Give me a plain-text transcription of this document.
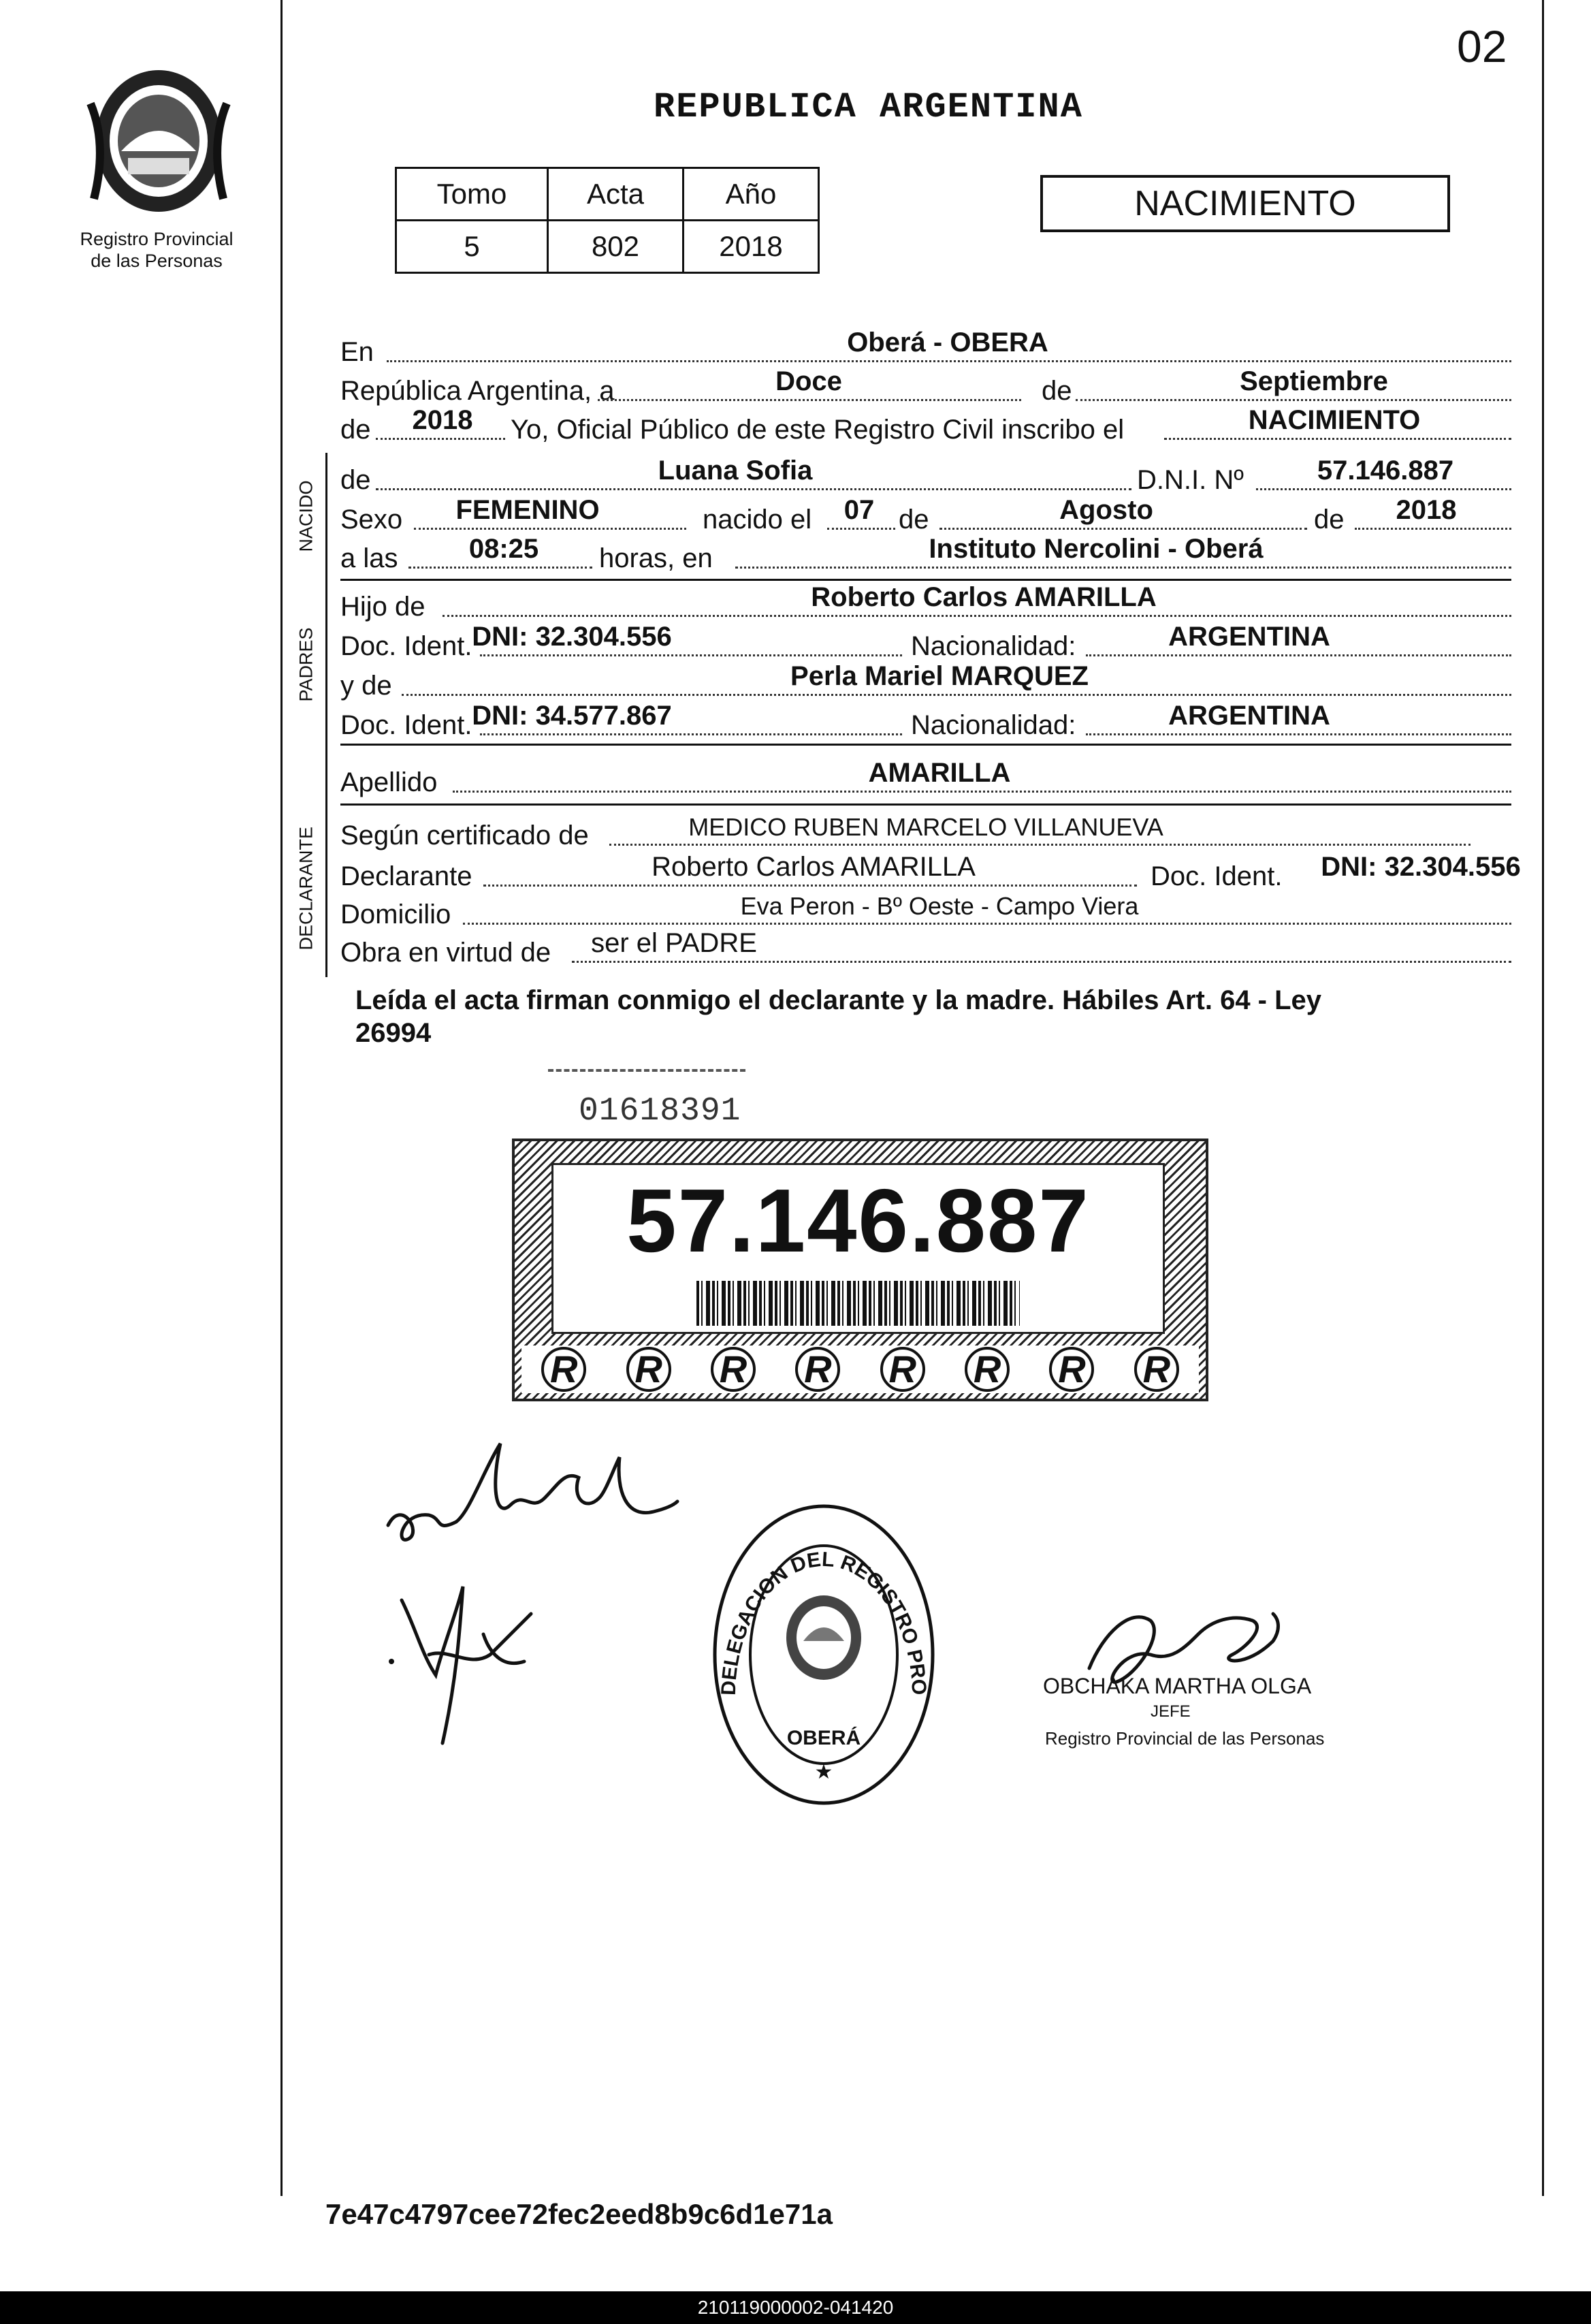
02
Registro Provincial
de las Personas
REPUBLICA ARGENTINA
Tomo	Acta	Año
5	802	2018
NACIMIENTO
En	Oberá - OBERA
República Argentina, a	Doce	de	Septiembre
de 2018 Yo, Oficial Público de este Registro Civil inscribo el	NACIMIENTO
NACIDO
de	Luana Sofia	D.N.I. Nº	57.146.887
Sexo FEMENINO	nacido el 07 de	Agosto	de 2018
a las	08:25 horas, en	Instituto Nercolini - Oberá
PADRES
Hijo de	Roberto Carlos AMARILLA
Doc. Ident. DNI: 32.304.556	Nacionalidad:	ARGENTINA
y de	Perla Mariel MARQUEZ
Doc. Ident. DNI: 34.577.867	Nacionalidad:	ARGENTINA
Apellido	AMARILLA
DECLARANTE Según certificado de	MEDICO RUBEN MARCELO VILLANUEVA
Declarante	Roberto Carlos AMARILLA	Doc. Ident. DNI: 32.304.556
Domicilio	Eva Peron - Bº Oeste - Campo Viera
Obra en virtud de ser el PADRE
Leída el acta firman conmigo el declarante y la madre. Hábiles Art. 64 - Ley
26994
01618391
57.146.887
R R R R R R R R
DELEGACION DEL REGISTRO PRO
OBERÁ
★
OBCHAKA MARTHA OLGA
JEFE
Registro Provincial de las Personas
7e47c4797cee72fec2eed8b9c6d1e71a
210119000002-041420
